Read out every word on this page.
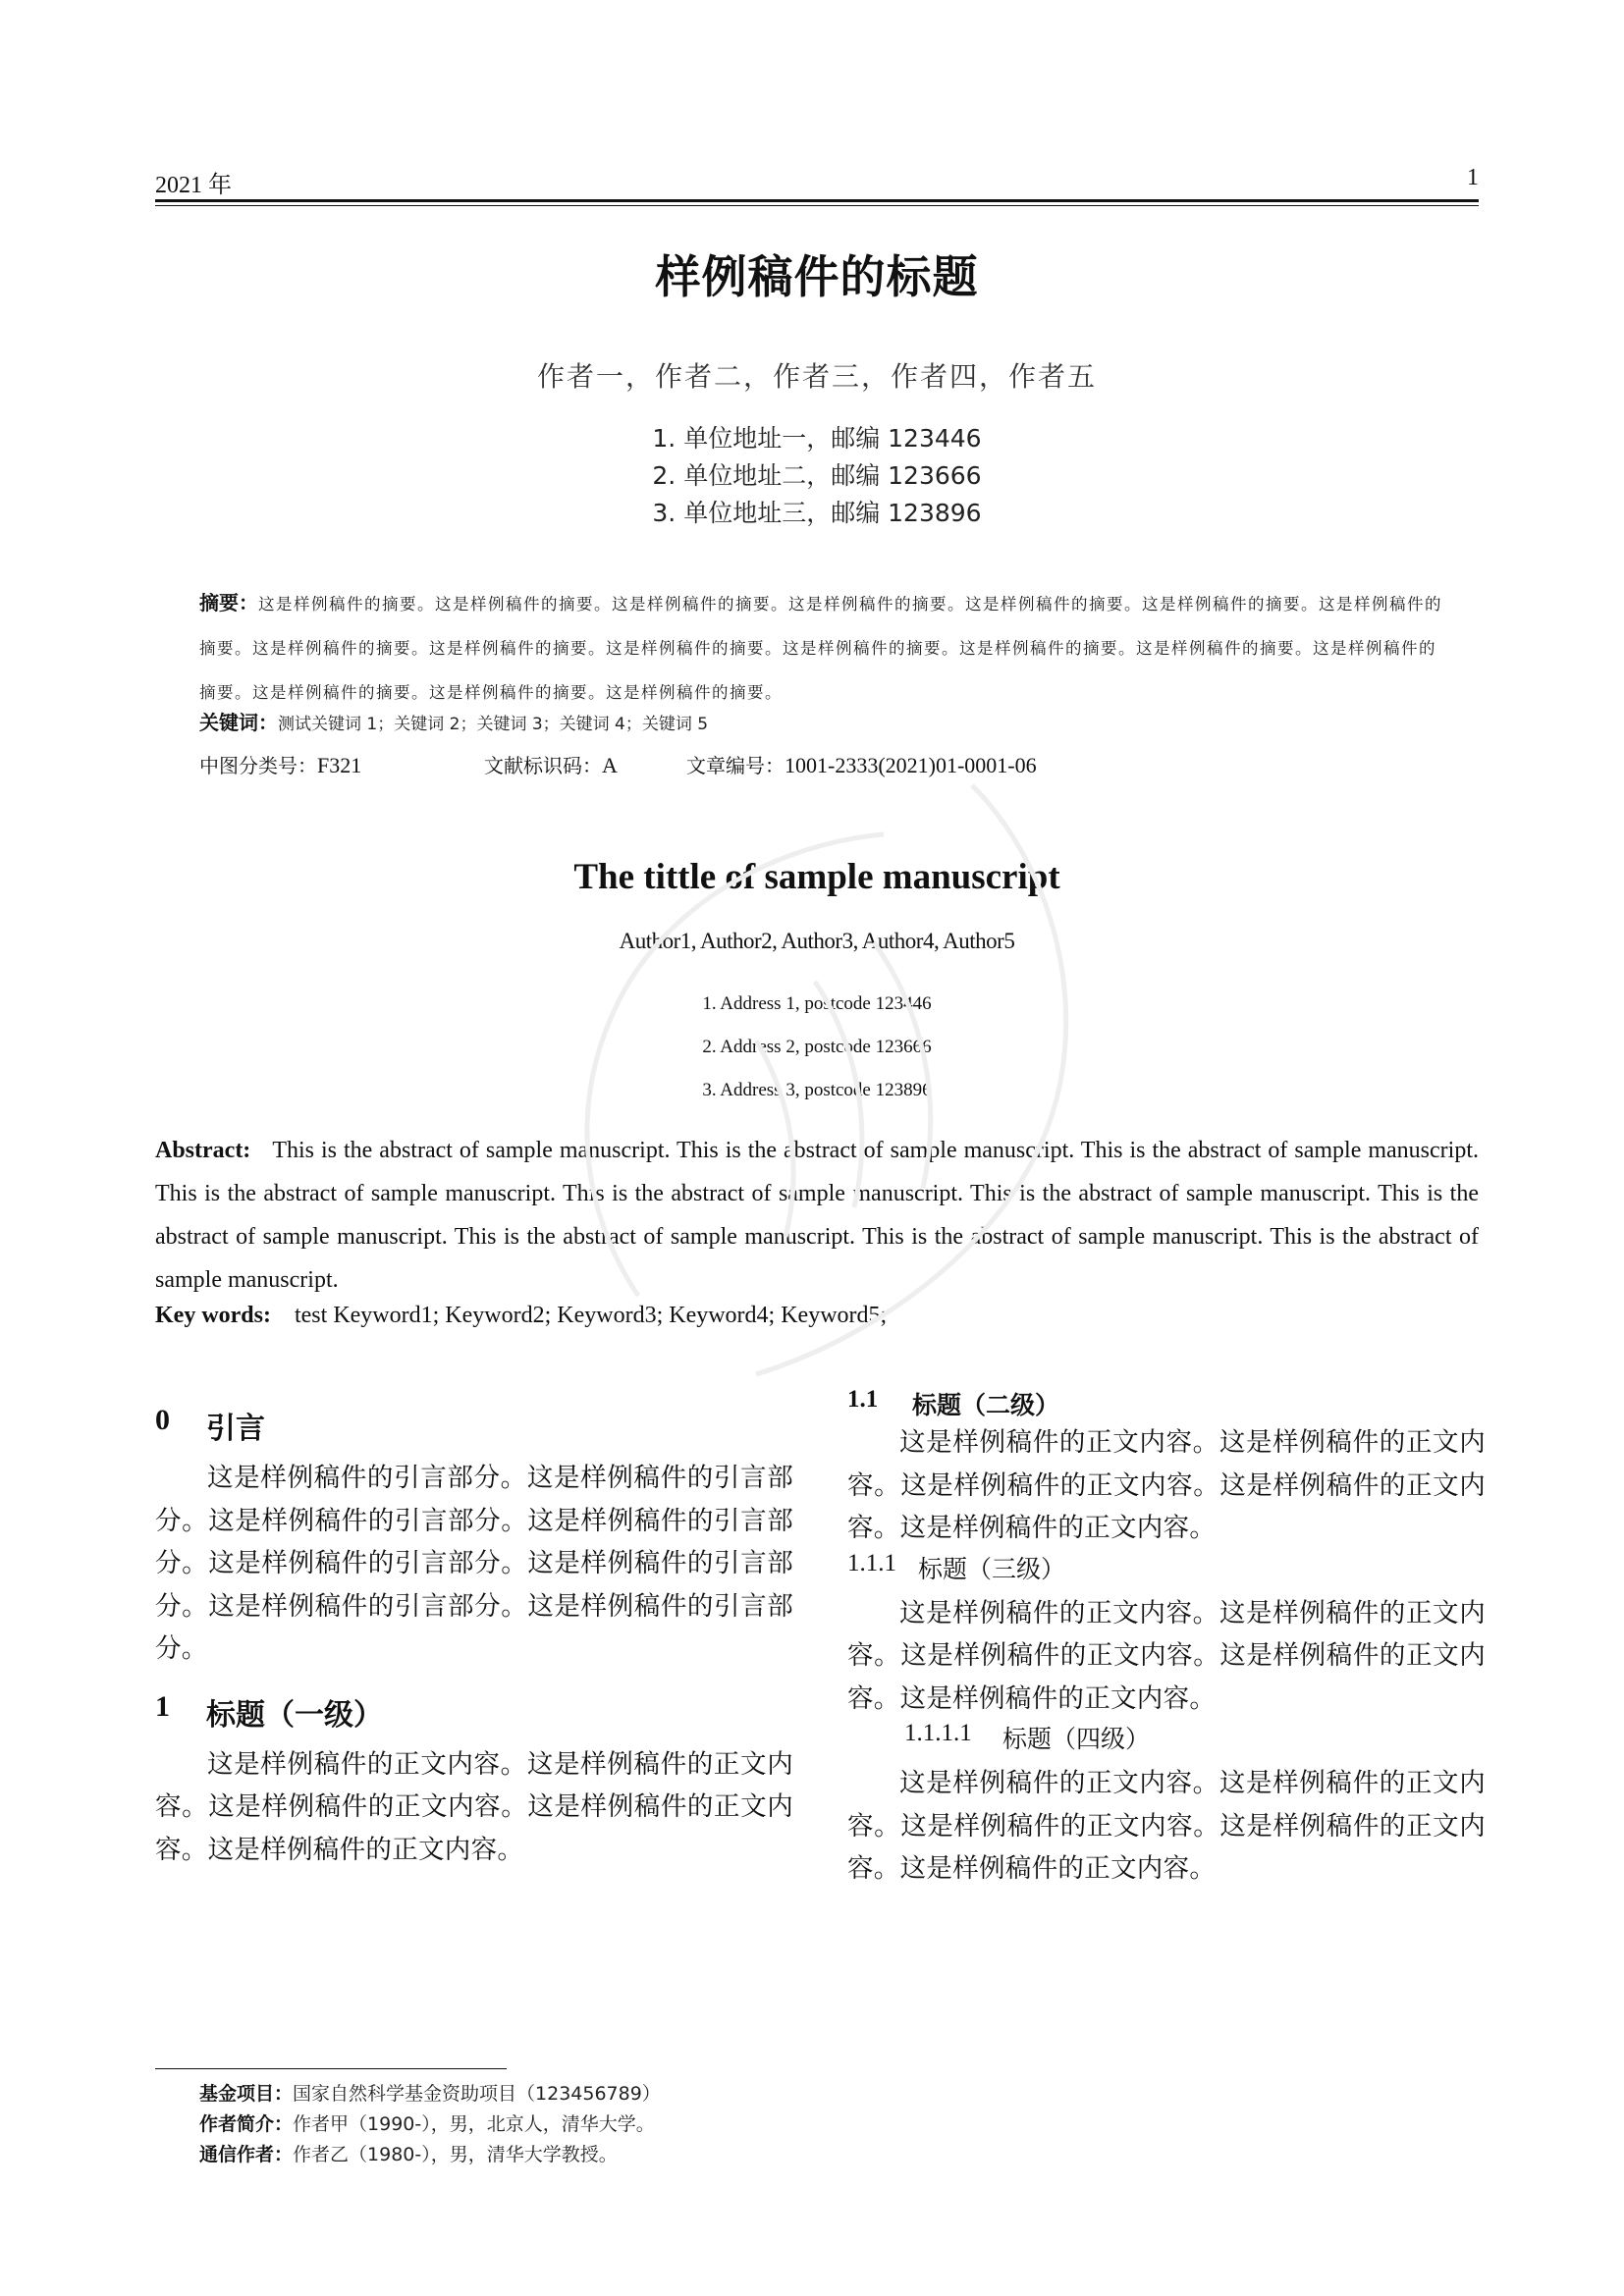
2021 年	1
样例稿件的标题
作者一，作者二，作者三，作者四，作者五
1. 单位地址一，邮编 123446
2. 单位地址二，邮编 123666
3. 单位地址三，邮编 123896
摘要：这是样例稿件的摘要。这是样例稿件的摘要。这是样例稿件的摘要。这是样例稿件的摘要。这是样例稿件的摘要。这是样例稿件的摘要。这是样例稿件的摘要。这是样例稿件的摘要。这是样例稿件的摘要。这是样例稿件的摘要。这是样例稿件的摘要。这是样例稿件的摘要。这是样例稿件的摘要。这是样例稿件的摘要。这是样例稿件的摘要。这是样例稿件的摘要。这是样例稿件的摘要。
关键词：测试关键词 1；关键词 2；关键词 3；关键词 4；关键词 5
中图分类号：F321	文献标识码：A	文章编号：1001-2333(2021)01-0001-06
The tittle of sample manuscript
Author1, Author2, Author3, Author4, Author5
1. Address 1, postcode 123446
2. Address 2, postcode 123666
3. Address 3, postcode 123896
Abstract: This is the abstract of sample manuscript. This is the abstract of sample manuscript. This is the abstract of sample manuscript. This is the abstract of sample manuscript. This is the abstract of sample manuscript. This is the abstract of sample manuscript. This is the abstract of sample manuscript. This is the abstract of sample manuscript. This is the abstract of sample manuscript. This is the abstract of sample manuscript.
Key words: test Keyword1; Keyword2; Keyword3; Keyword4; Keyword5;
0 引言
这是样例稿件的引言部分。这是样例稿件的引言部分。这是样例稿件的引言部分。这是样例稿件的引言部分。这是样例稿件的引言部分。这是样例稿件的引言部分。这是样例稿件的引言部分。这是样例稿件的引言部分。
1 标题（一级）
这是样例稿件的正文内容。这是样例稿件的正文内容。这是样例稿件的正文内容。这是样例稿件的正文内容。这是样例稿件的正文内容。
1.1 标题（二级）
这是样例稿件的正文内容。这是样例稿件的正文内容。这是样例稿件的正文内容。这是样例稿件的正文内容。这是样例稿件的正文内容。
1.1.1 标题（三级）
这是样例稿件的正文内容。这是样例稿件的正文内容。这是样例稿件的正文内容。这是样例稿件的正文内容。这是样例稿件的正文内容。
1.1.1.1 标题（四级）
这是样例稿件的正文内容。这是样例稿件的正文内容。这是样例稿件的正文内容。这是样例稿件的正文内容。这是样例稿件的正文内容。
基金项目：国家自然科学基金资助项目（123456789）
作者简介：作者甲（1990-），男，北京人，清华大学。
通信作者：作者乙（1980-），男，清华大学教授。
